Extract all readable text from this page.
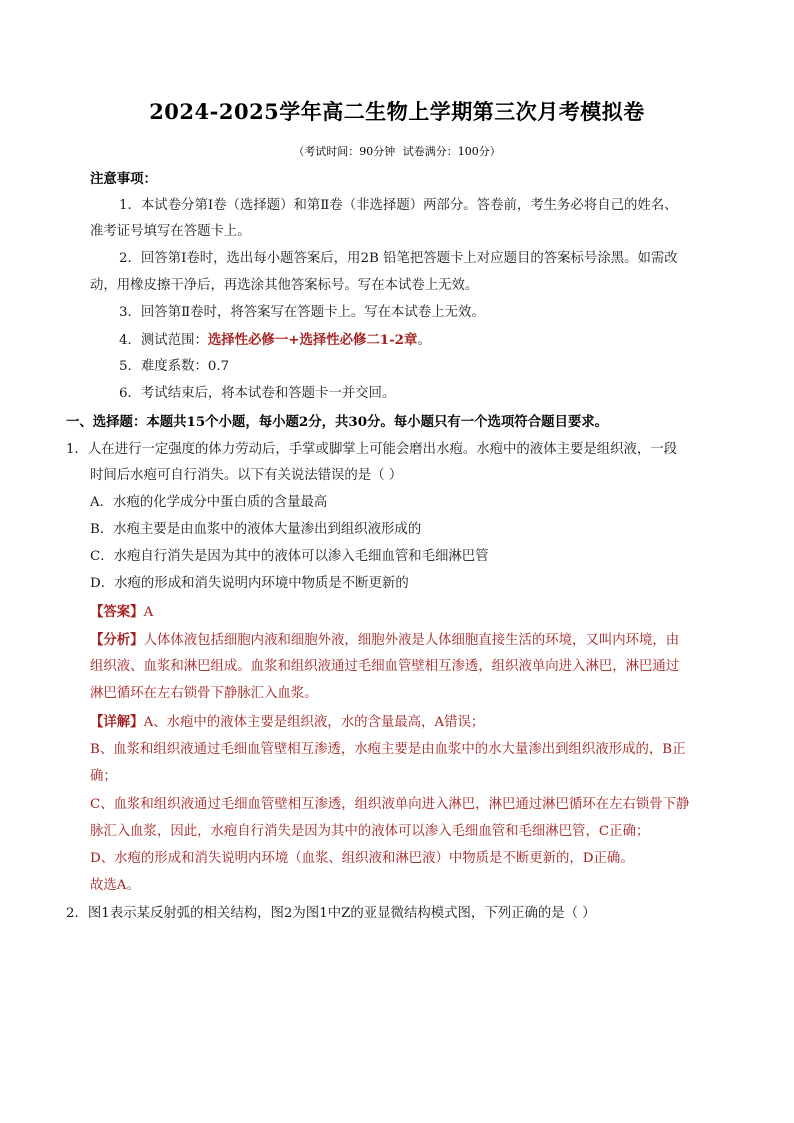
2024-2025学年高二生物上学期第三次月考模拟卷
（考试时间：90分钟 试卷满分：100分）
注意事项：
1．本试卷分第Ⅰ卷（选择题）和第Ⅱ卷（非选择题）两部分。答卷前，考生务必将自己的姓名、
准考证号填写在答题卡上。
2．回答第Ⅰ卷时，选出每小题答案后，用2B 铅笔把答题卡上对应题目的答案标号涂黑。如需改
动，用橡皮擦干净后，再选涂其他答案标号。写在本试卷上无效。
3．回答第Ⅱ卷时，将答案写在答题卡上。写在本试卷上无效。
4．测试范围：选择性必修一+选择性必修二1-2章。
5．难度系数：0.7
6．考试结束后，将本试卷和答题卡一并交回。
一、选择题：本题共15个小题，每小题2分，共30分。每小题只有一个选项符合题目要求。
1．人在进行一定强度的体力劳动后，手掌或脚掌上可能会磨出水疱。水疱中的液体主要是组织液，一段
时间后水疱可自行消失。以下有关说法错误的是（ ）
A．水疱的化学成分中蛋白质的含量最高
B．水疱主要是由血浆中的液体大量渗出到组织液形成的
C．水疱自行消失是因为其中的液体可以渗入毛细血管和毛细淋巴管
D．水疱的形成和消失说明内环境中物质是不断更新的
【答案】A
【分析】人体体液包括细胞内液和细胞外液，细胞外液是人体细胞直接生活的环境，又叫内环境，由
组织液、血浆和淋巴组成。血浆和组织液通过毛细血管壁相互渗透，组织液单向进入淋巴，淋巴通过
淋巴循环在左右锁骨下静脉汇入血浆。
【详解】A、水疱中的液体主要是组织液，水的含量最高，A错误；
B、血浆和组织液通过毛细血管壁相互渗透，水疱主要是由血浆中的水大量渗出到组织液形成的，B正
确；
C、血浆和组织液通过毛细血管壁相互渗透，组织液单向进入淋巴，淋巴通过淋巴循环在左右锁骨下静
脉汇入血浆，因此，水疱自行消失是因为其中的液体可以渗入毛细血管和毛细淋巴管，C正确；
D、水疱的形成和消失说明内环境（血浆、组织液和淋巴液）中物质是不断更新的，D正确。
故选A。
2．图1表示某反射弧的相关结构，图2为图1中Z的亚显微结构模式图，下列正确的是（ ）
